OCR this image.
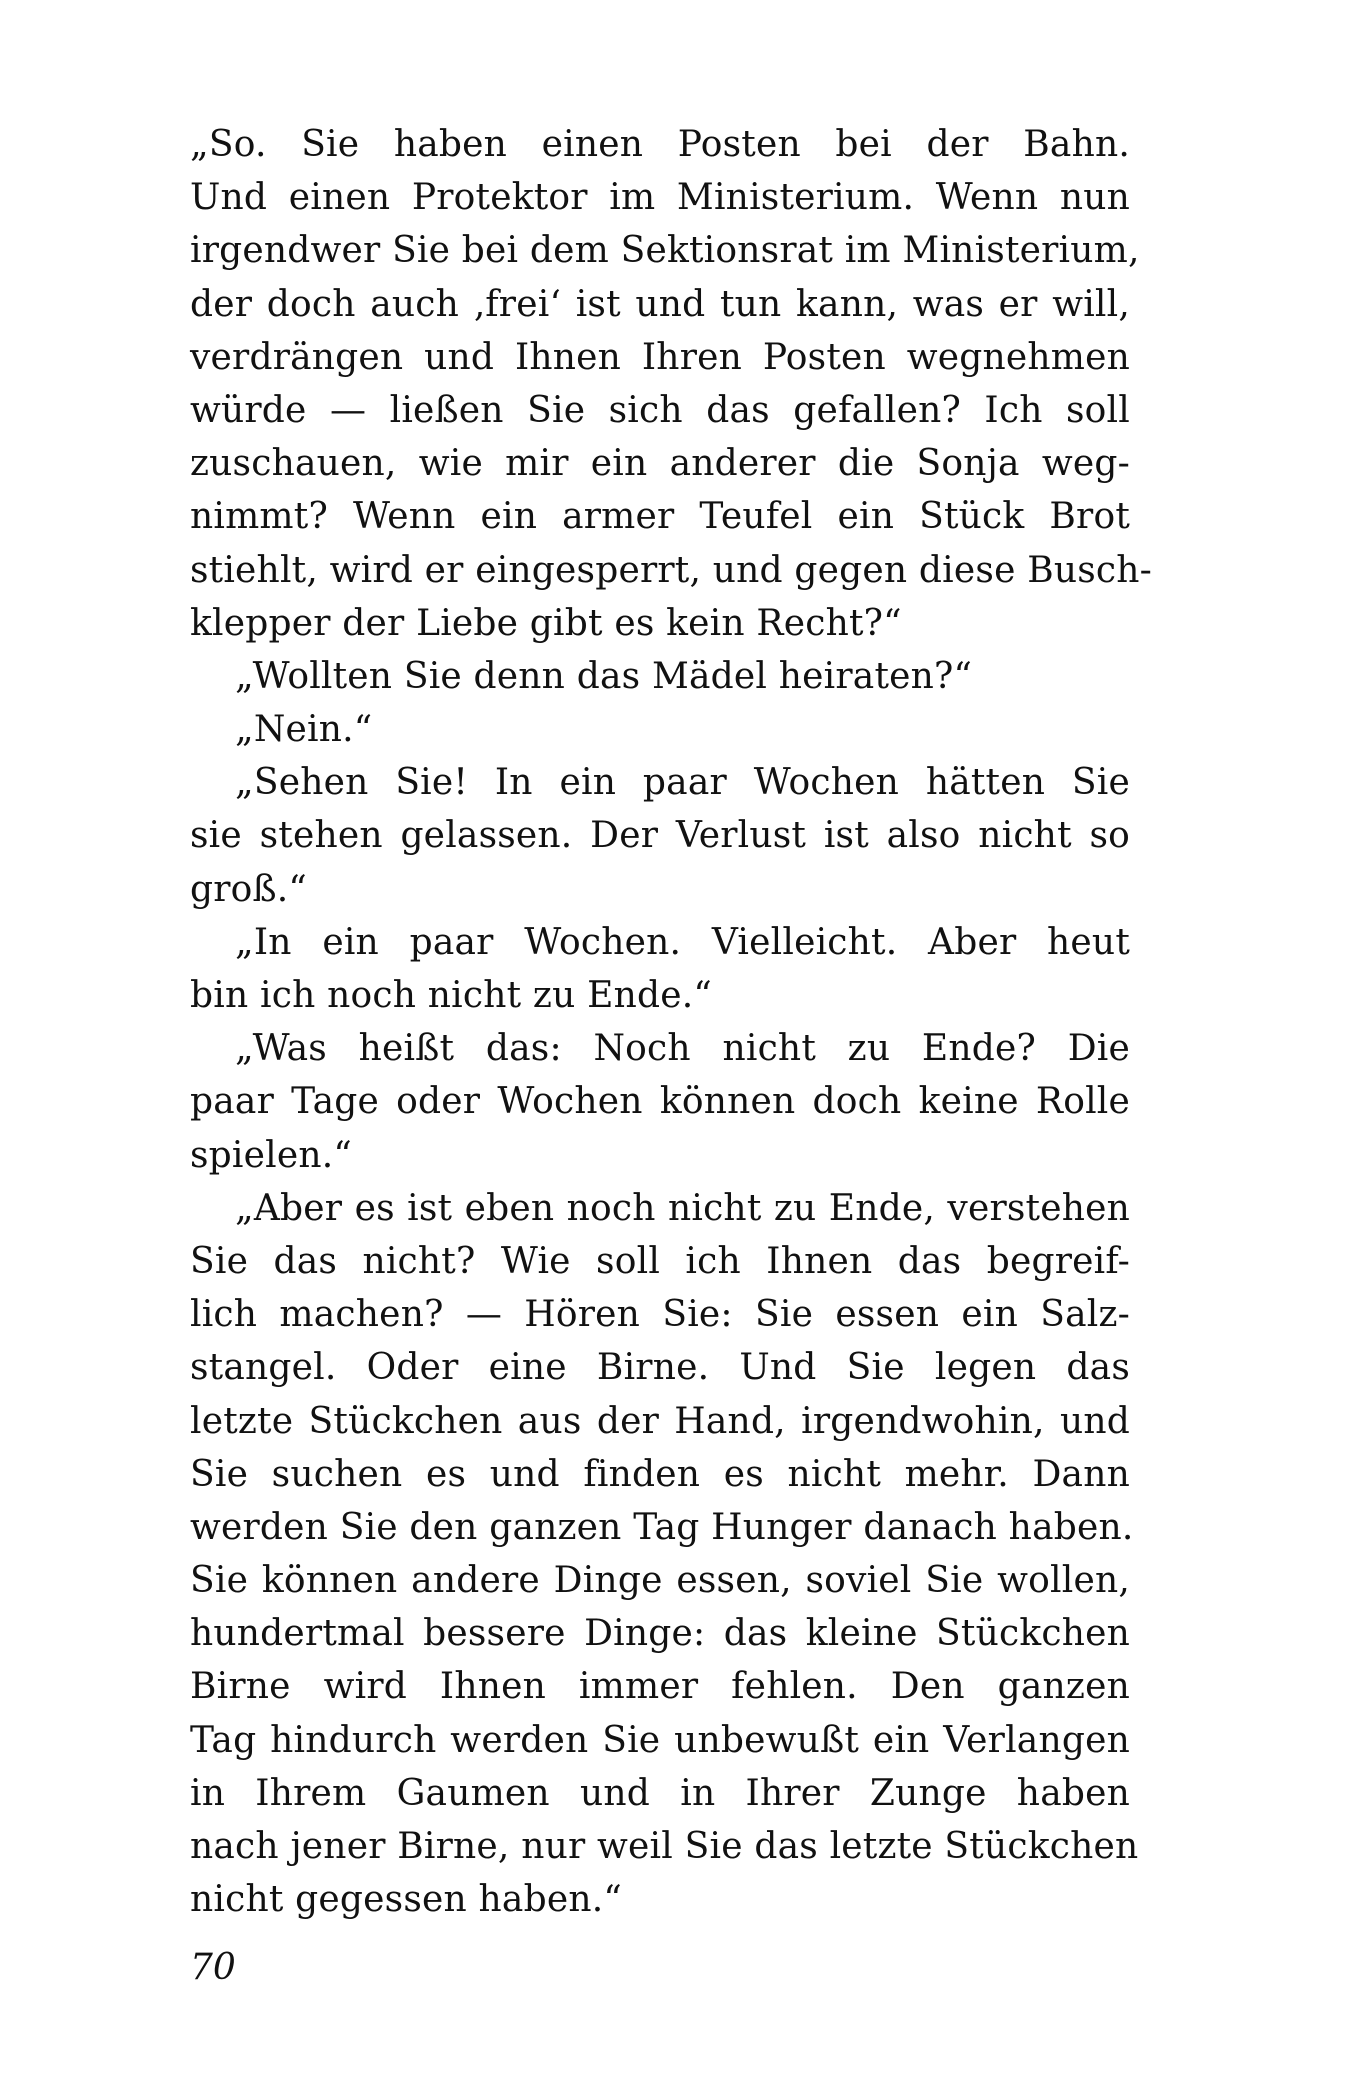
„So. Sie haben einen Posten bei der Bahn.
Und einen Protektor im Ministerium. Wenn nun
irgendwer Sie bei dem Sektionsrat im Ministerium,
der doch auch ‚frei‘ ist und tun kann, was er will,
verdrängen und Ihnen Ihren Posten wegnehmen
würde — ließen Sie sich das gefallen? Ich soll
zuschauen, wie mir ein anderer die Sonja weg-
nimmt? Wenn ein armer Teufel ein Stück Brot
stiehlt, wird er eingesperrt, und gegen diese Busch-
klepper der Liebe gibt es kein Recht?“
„Wollten Sie denn das Mädel heiraten?“
„Nein.“
„Sehen Sie! In ein paar Wochen hätten Sie
sie stehen gelassen. Der Verlust ist also nicht so
groß.“
„In ein paar Wochen. Vielleicht. Aber heut
bin ich noch nicht zu Ende.“
„Was heißt das: Noch nicht zu Ende? Die
paar Tage oder Wochen können doch keine Rolle
spielen.“
„Aber es ist eben noch nicht zu Ende, verstehen
Sie das nicht? Wie soll ich Ihnen das begreif-
lich machen? — Hören Sie: Sie essen ein Salz-
stangel. Oder eine Birne. Und Sie legen das
letzte Stückchen aus der Hand, irgendwohin, und
Sie suchen es und finden es nicht mehr. Dann
werden Sie den ganzen Tag Hunger danach haben.
Sie können andere Dinge essen, soviel Sie wollen,
hundertmal bessere Dinge: das kleine Stückchen
Birne wird Ihnen immer fehlen. Den ganzen
Tag hindurch werden Sie unbewußt ein Verlangen
in Ihrem Gaumen und in Ihrer Zunge haben
nach jener Birne, nur weil Sie das letzte Stückchen
nicht gegessen haben.“
70
